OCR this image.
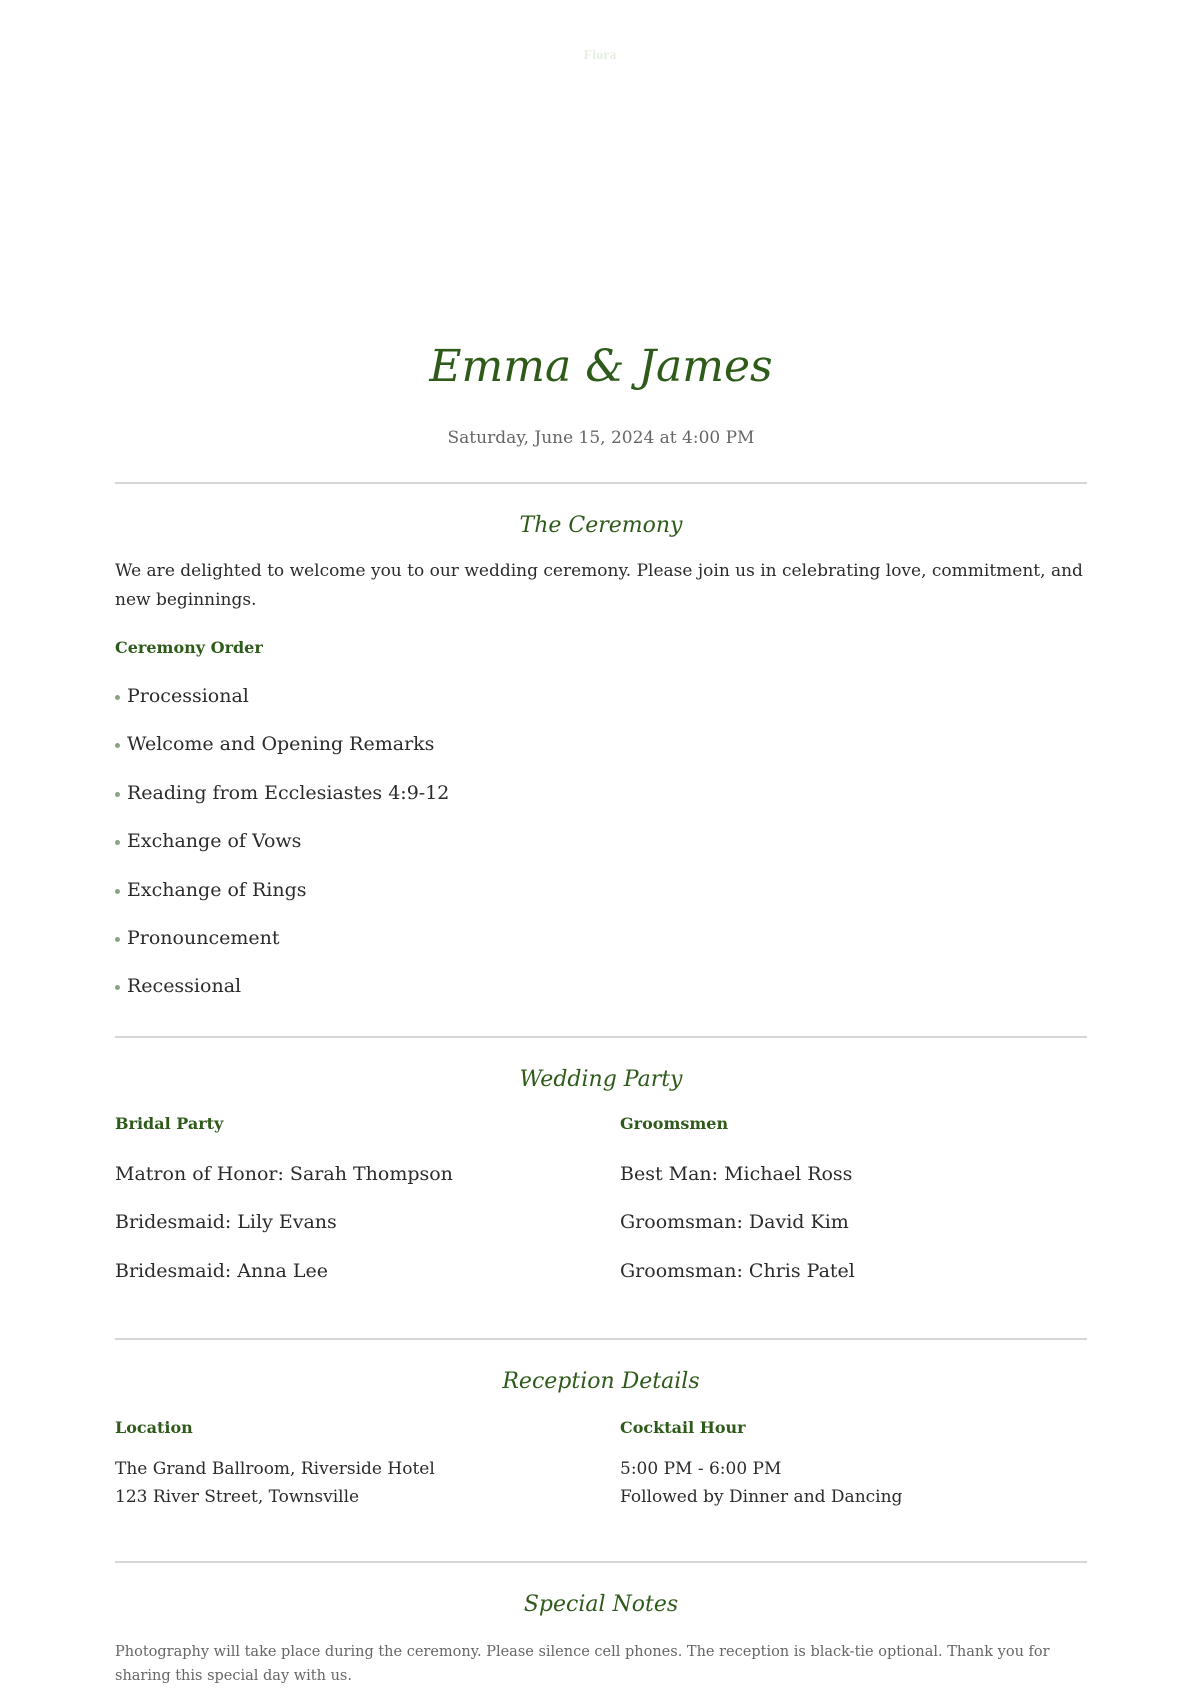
Flora
Emma & James
Saturday, June 15, 2024 at 4:00 PM
The Ceremony
We are delighted to welcome you to our wedding ceremony. Please join us in celebrating love, commitment, and new beginnings.
Ceremony Order
Processional
Welcome and Opening Remarks
Reading from Ecclesiastes 4:9-12
Exchange of Vows
Exchange of Rings
Pronouncement
Recessional
Wedding Party
Bridal Party
Matron of Honor: Sarah Thompson
Bridesmaid: Lily Evans
Bridesmaid: Anna Lee
Groomsmen
Best Man: Michael Ross
Groomsman: David Kim
Groomsman: Chris Patel
Reception Details
Location
The Grand Ballroom, Riverside Hotel
123 River Street, Townsville
Cocktail Hour
5:00 PM - 6:00 PM
Followed by Dinner and Dancing
Special Notes
Photography will take place during the ceremony. Please silence cell phones. The reception is black-tie optional. Thank you for sharing this special day with us.
